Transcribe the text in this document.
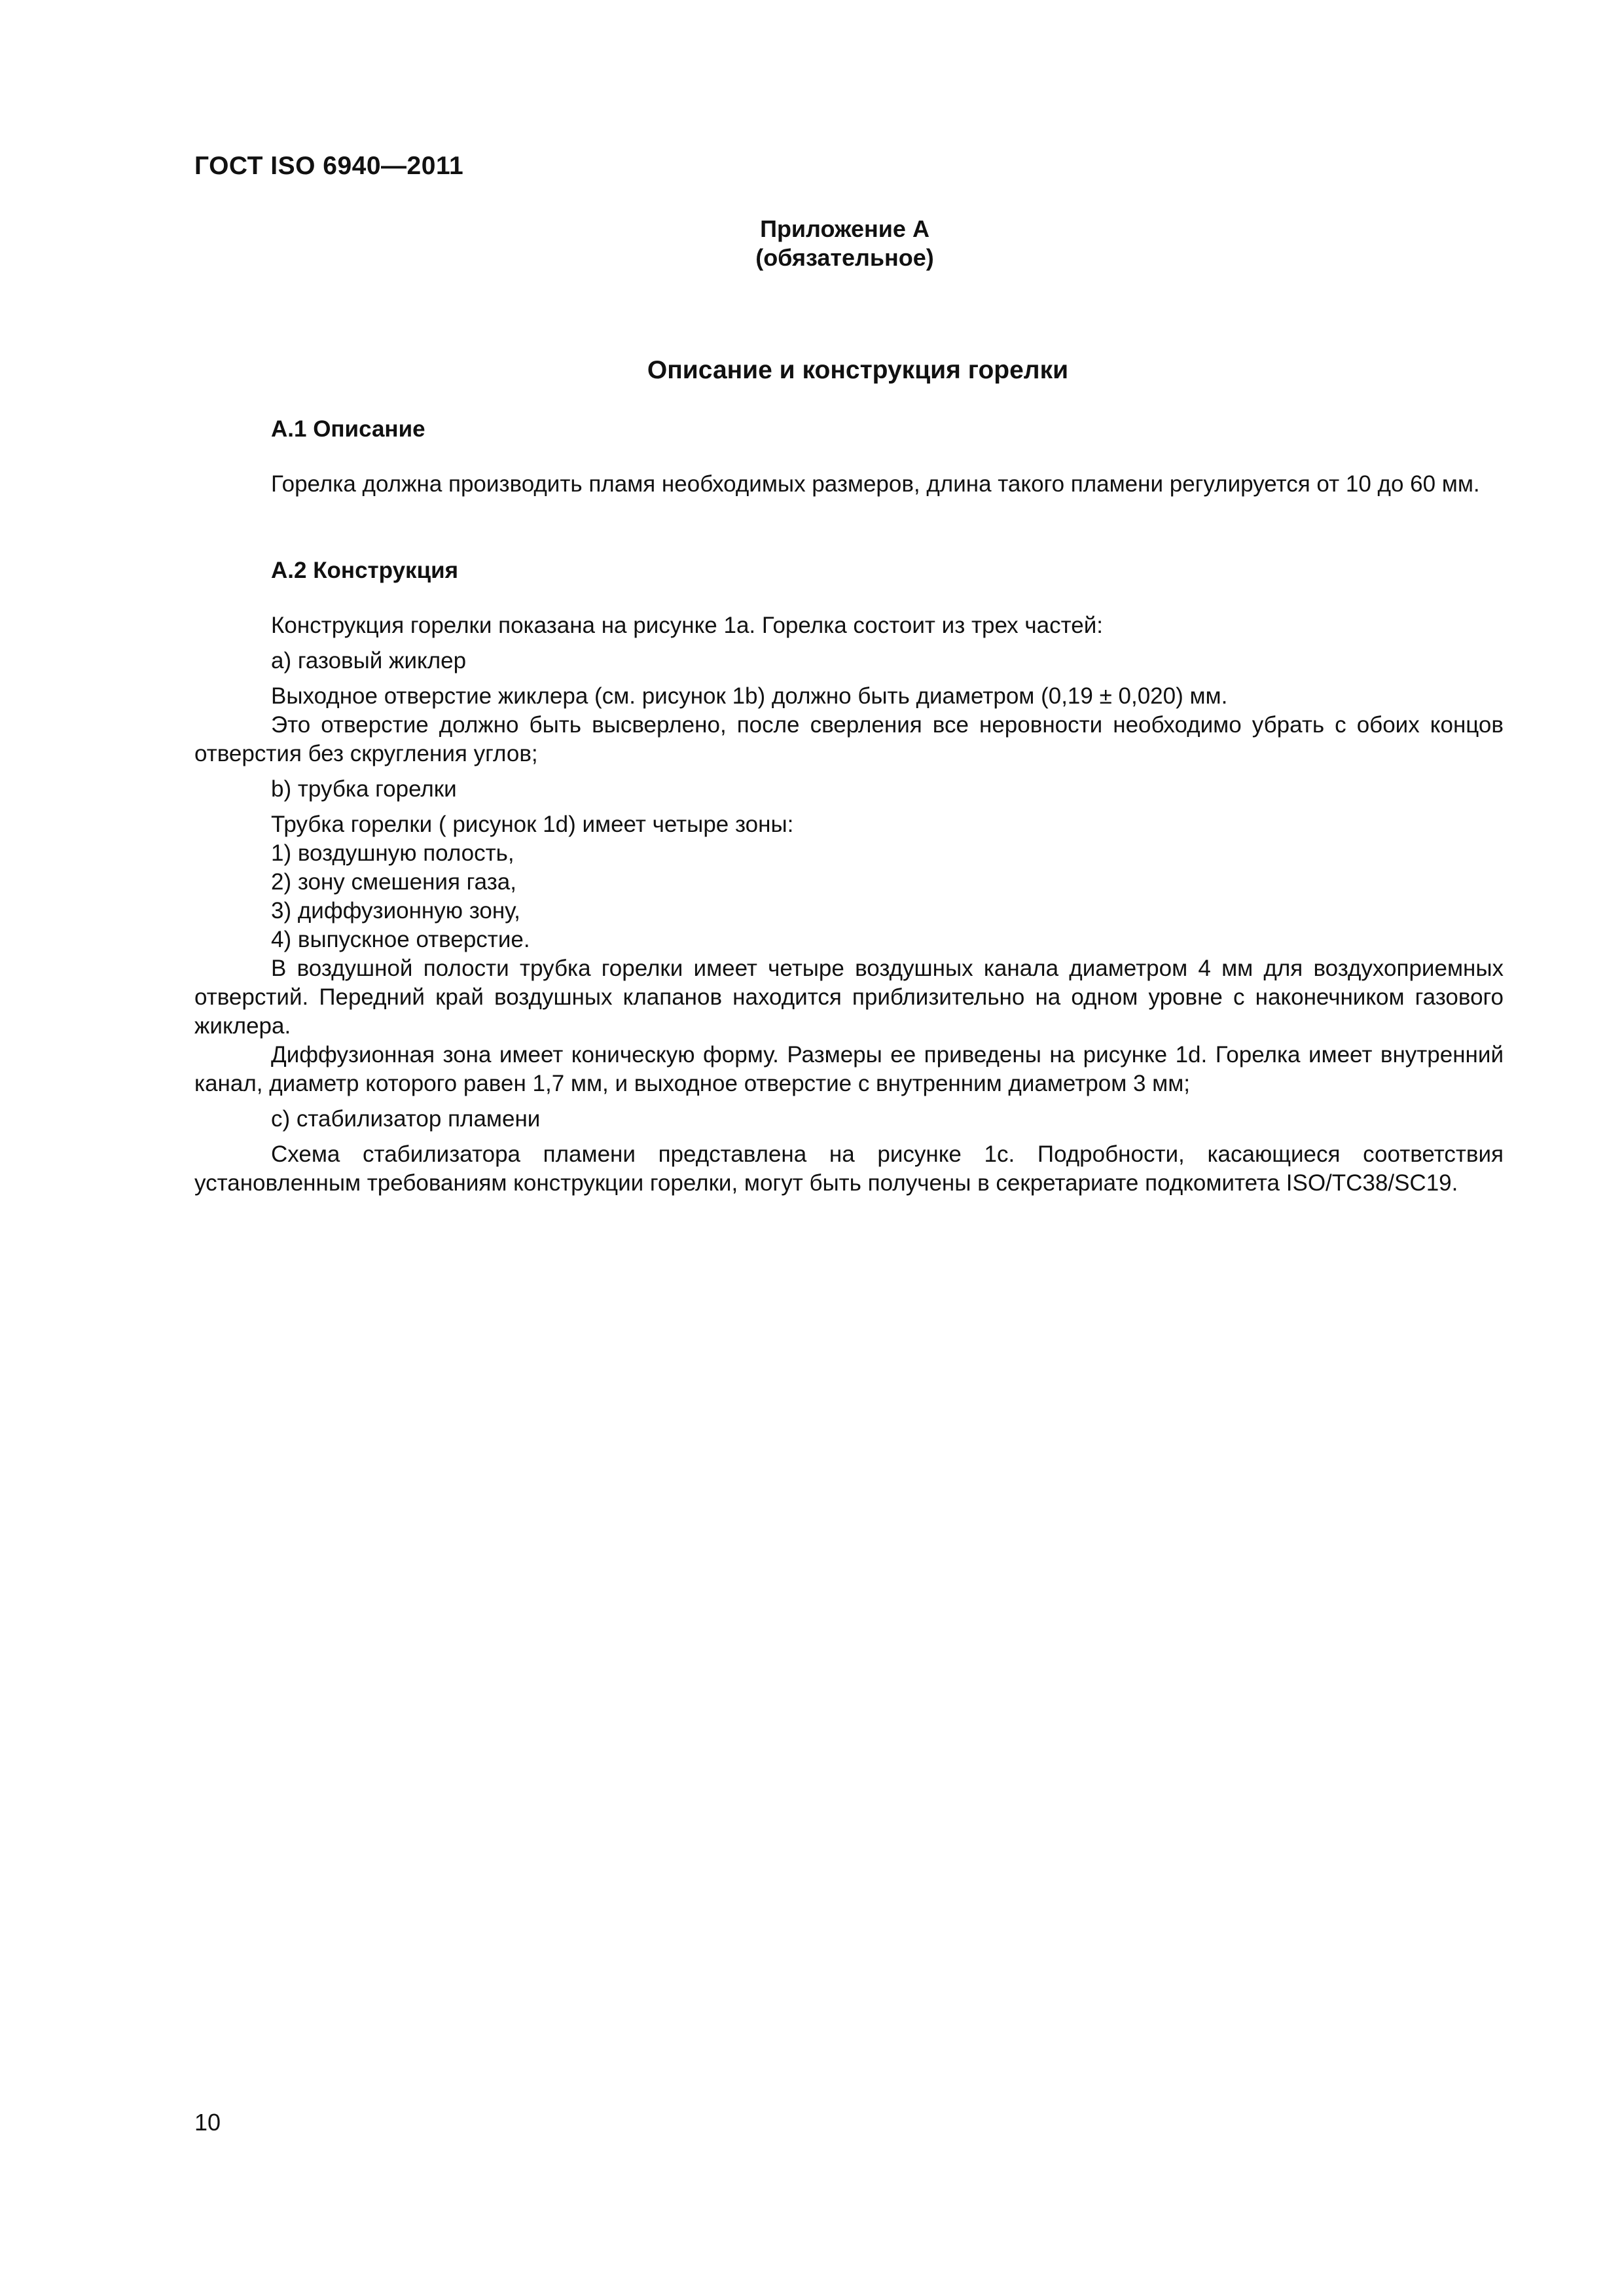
ГОСТ ISO 6940—2011
Приложение А
(обязательное)
Описание и конструкция горелки

А.1 Описание

Горелка должна производить пламя необходимых размеров, длина такого пламени регулируется от 10 до 60 мм.

А.2 Конструкция

Конструкция горелки показана на рисунке 1а. Горелка состоит из трех частей:

а) газовый жиклер

Выходное отверстие жиклера (см. рисунок 1b) должно быть диаметром (0,19 ± 0,020) мм.

Это отверстие должно быть высверлено, после сверления все неровности необходимо убрать с обоих концов отверстия без скругления углов;

b) трубка горелки

Трубка горелки ( рисунок 1d) имеет четыре зоны:

1) воздушную полость,

2) зону смешения газа,

3) диффузионную зону,

4) выпускное отверстие.

В воздушной полости трубка горелки имеет четыре воздушных канала диаметром 4 мм для воздухоприемных отверстий. Передний край воздушных клапанов находится приблизительно на одном уровне с наконечником газового жиклера.

Диффузионная зона имеет коническую форму. Размеры ее приведены на рисунке 1d. Горелка имеет внутренний канал, диаметр которого равен 1,7 мм, и выходное отверстие с внутренним диаметром 3 мм;

с) стабилизатор пламени

Схема стабилизатора пламени представлена на рисунке 1с. Подробности, касающиеся соответствия установленным требованиям конструкции горелки, могут быть получены в секретариате подкомитета ISO/TC38/SC19.

10
